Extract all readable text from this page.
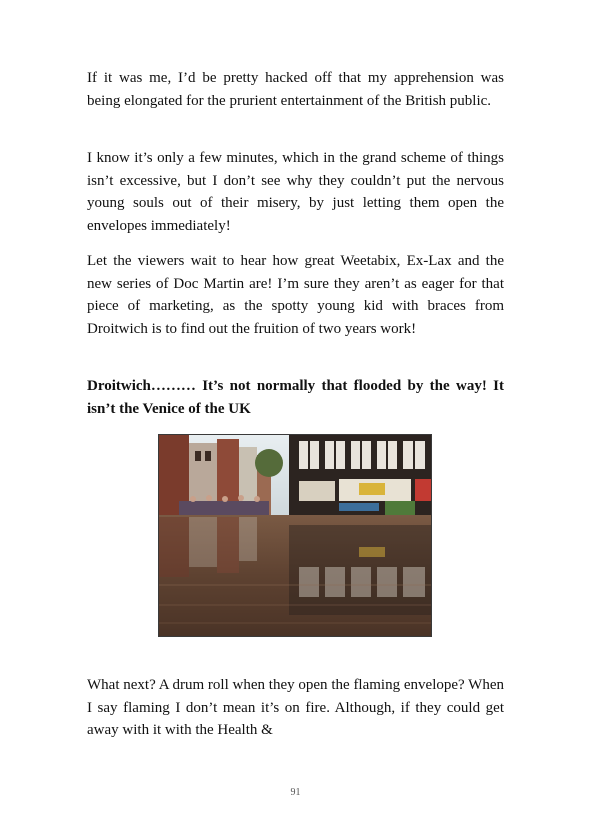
If it was me, I’d be pretty hacked off that my apprehension was being elongated for the prurient entertainment of the British public.

I know it’s only a few minutes, which in the grand scheme of things isn’t excessive, but I don’t see why they couldn’t put the nervous young souls out of their misery, by just letting them open the envelopes immediately!

Let the viewers wait to hear how great Weetabix, Ex-Lax and the new series of Doc Martin are! I’m sure they aren’t as eager for that piece of marketing, as the spotty young kid with braces from Droitwich is to find out the fruition of two years work!

Droitwich……… It’s not normally that flooded by the way! It isn’t the Venice of the UK

What next? A drum roll when they open the flaming envelope? When I say flaming I don’t mean it’s on fire. Although, if they could get away with it with the Health &

91
